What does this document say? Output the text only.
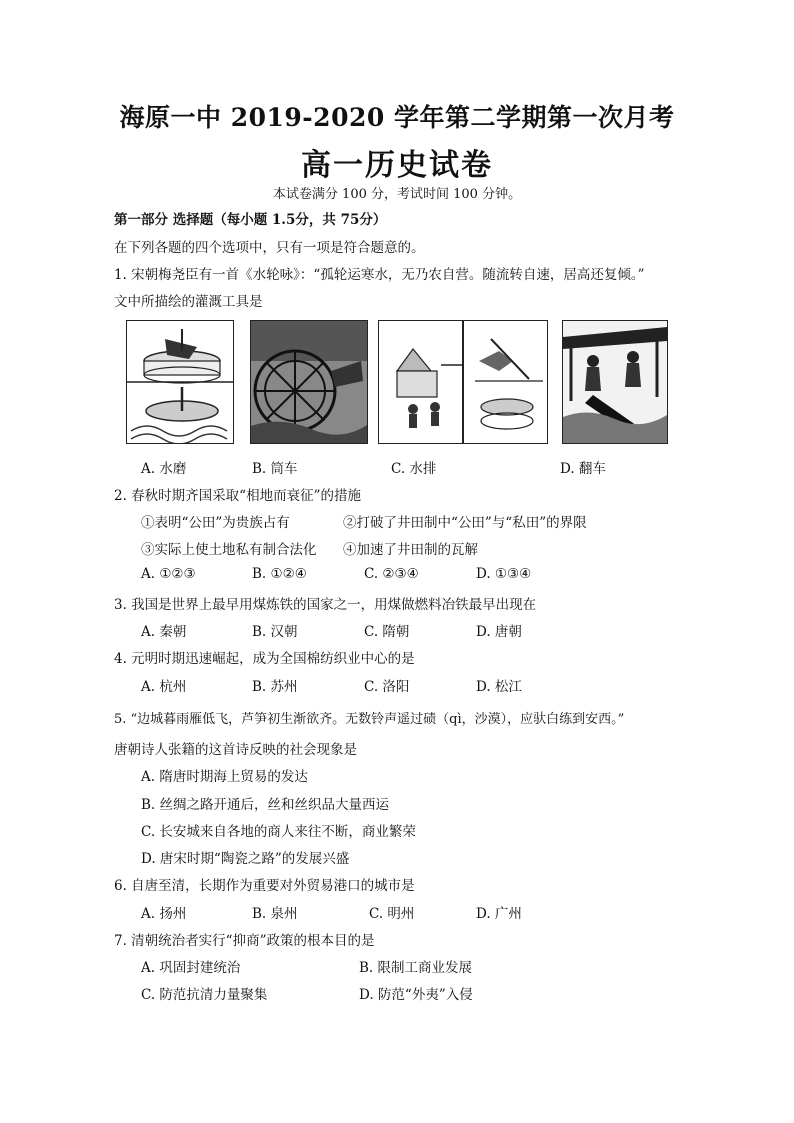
海原一中 2019-2020 学年第二学期第一次月考
高一历史试卷
本试卷满分 100 分，考试时间 100 分钟。
第一部分 选择题（每小题 1.5分，共 75分）
在下列各题的四个选项中，只有一项是符合题意的。
1. 宋朝梅尧臣有一首《水轮咏》：“孤轮运寒水，无乃农自营。随流转自速，居高还复倾。”
文中所描绘的灌溉工具是
A. 水磨	B. 筒车	C. 水排	D. 翻车
2. 春秋时期齐国采取“相地而衰征”的措施
①表明“公田”为贵族占有	②打破了井田制中“公田”与“私田”的界限
③实际上使土地私有制合法化 ④加速了井田制的瓦解
A. ①②③	B. ①②④	C. ②③④	D. ①③④
3. 我国是世界上最早用煤炼铁的国家之一，用煤做燃料冶铁最早出现在
A. 秦朝	B. 汉朝	C. 隋朝	D. 唐朝
4. 元明时期迅速崛起，成为全国棉纺织业中心的是
A. 杭州	B. 苏州	C. 洛阳	D. 松江
5. “边城暮雨雁低飞，芦笋初生渐欲齐。无数铃声遥过碛（qì，沙漠），应驮白练到安西。”
唐朝诗人张籍的这首诗反映的社会现象是
A. 隋唐时期海上贸易的发达
B. 丝绸之路开通后，丝和丝织品大量西运
C. 长安城来自各地的商人来往不断，商业繁荣
D. 唐宋时期“陶瓷之路”的发展兴盛
6. 自唐至清，长期作为重要对外贸易港口的城市是
A. 扬州	B. 泉州	C. 明州	D. 广州
7. 清朝统治者实行“抑商”政策的根本目的是
A. 巩固封建统治	B. 限制工商业发展
C. 防范抗清力量聚集	D. 防范“外夷”入侵
